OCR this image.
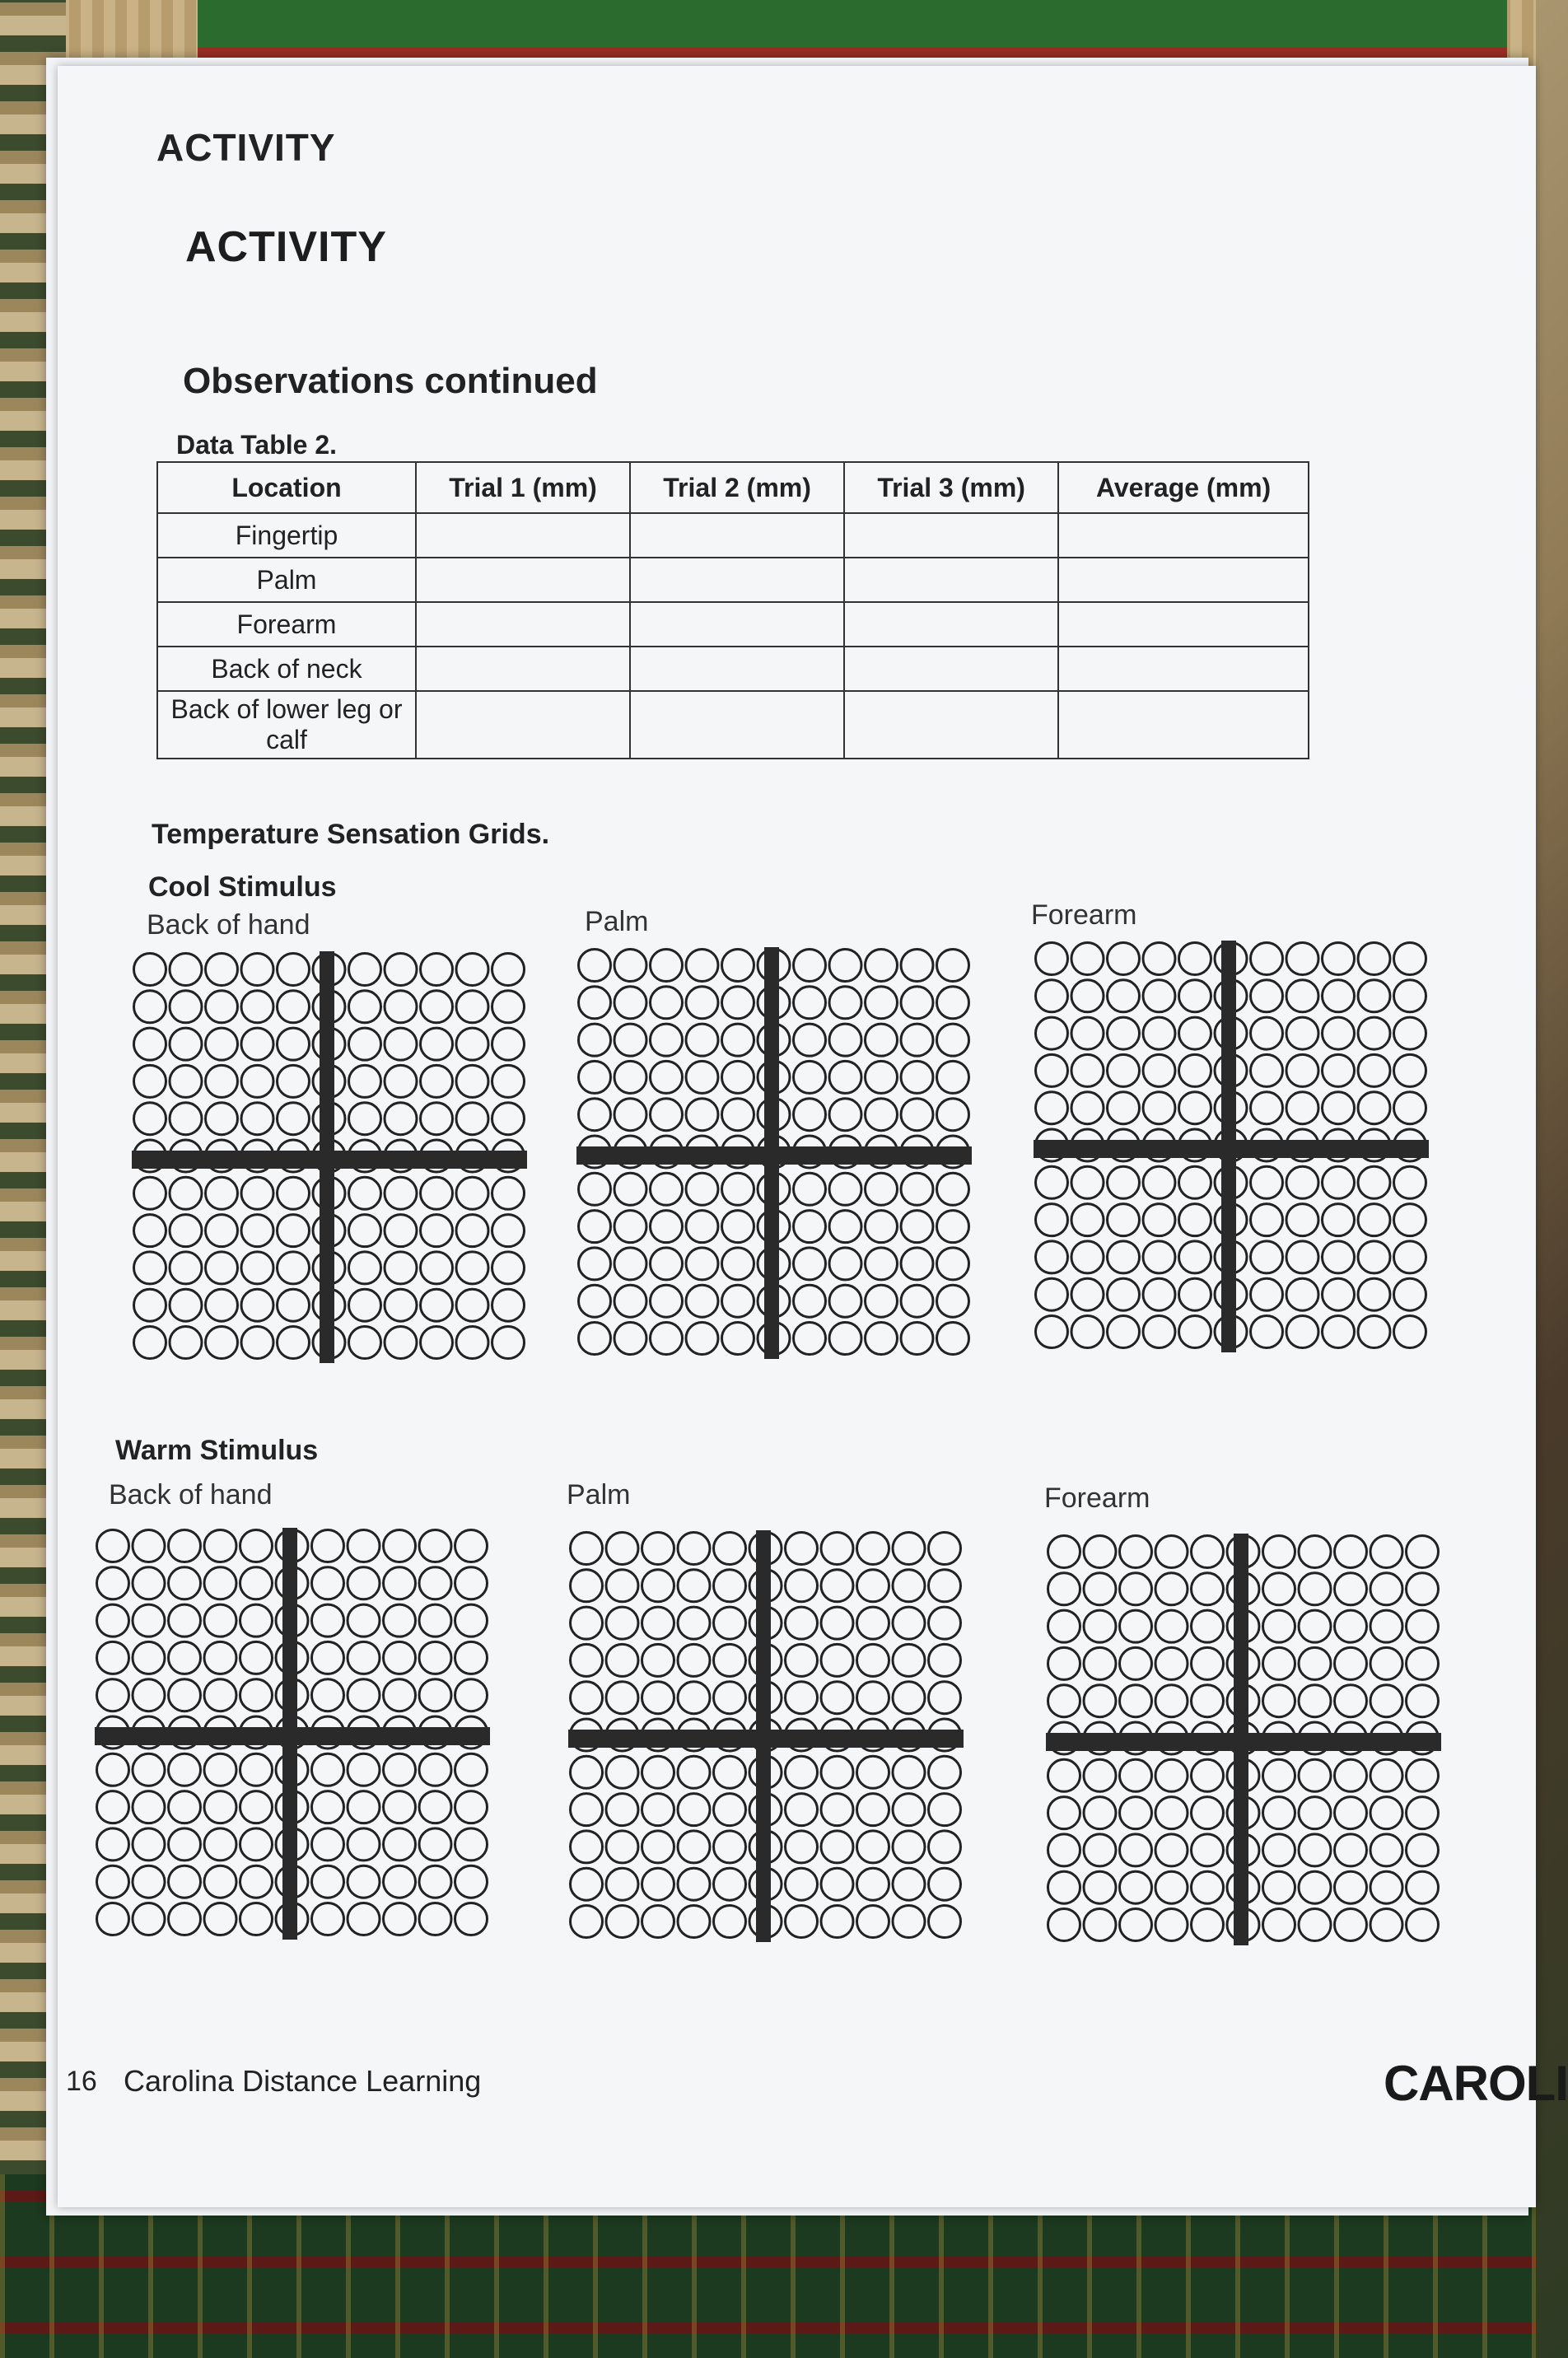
ACTIVITY
ACTIVITY
Observations continued
Data Table 2.
Location	Trial 1 (mm)	Trial 2 (mm)	Trial 3 (mm)	Average (mm)
Fingertip				
Palm				
Forearm				
Back of neck				
Back of lower leg or calf				
Temperature Sensation Grids.
Cool Stimulus
Back of hand	Palm	Forearm
Warm Stimulus
Back of hand	Palm	Forearm
16 Carolina Distance Learning	CAROLI
